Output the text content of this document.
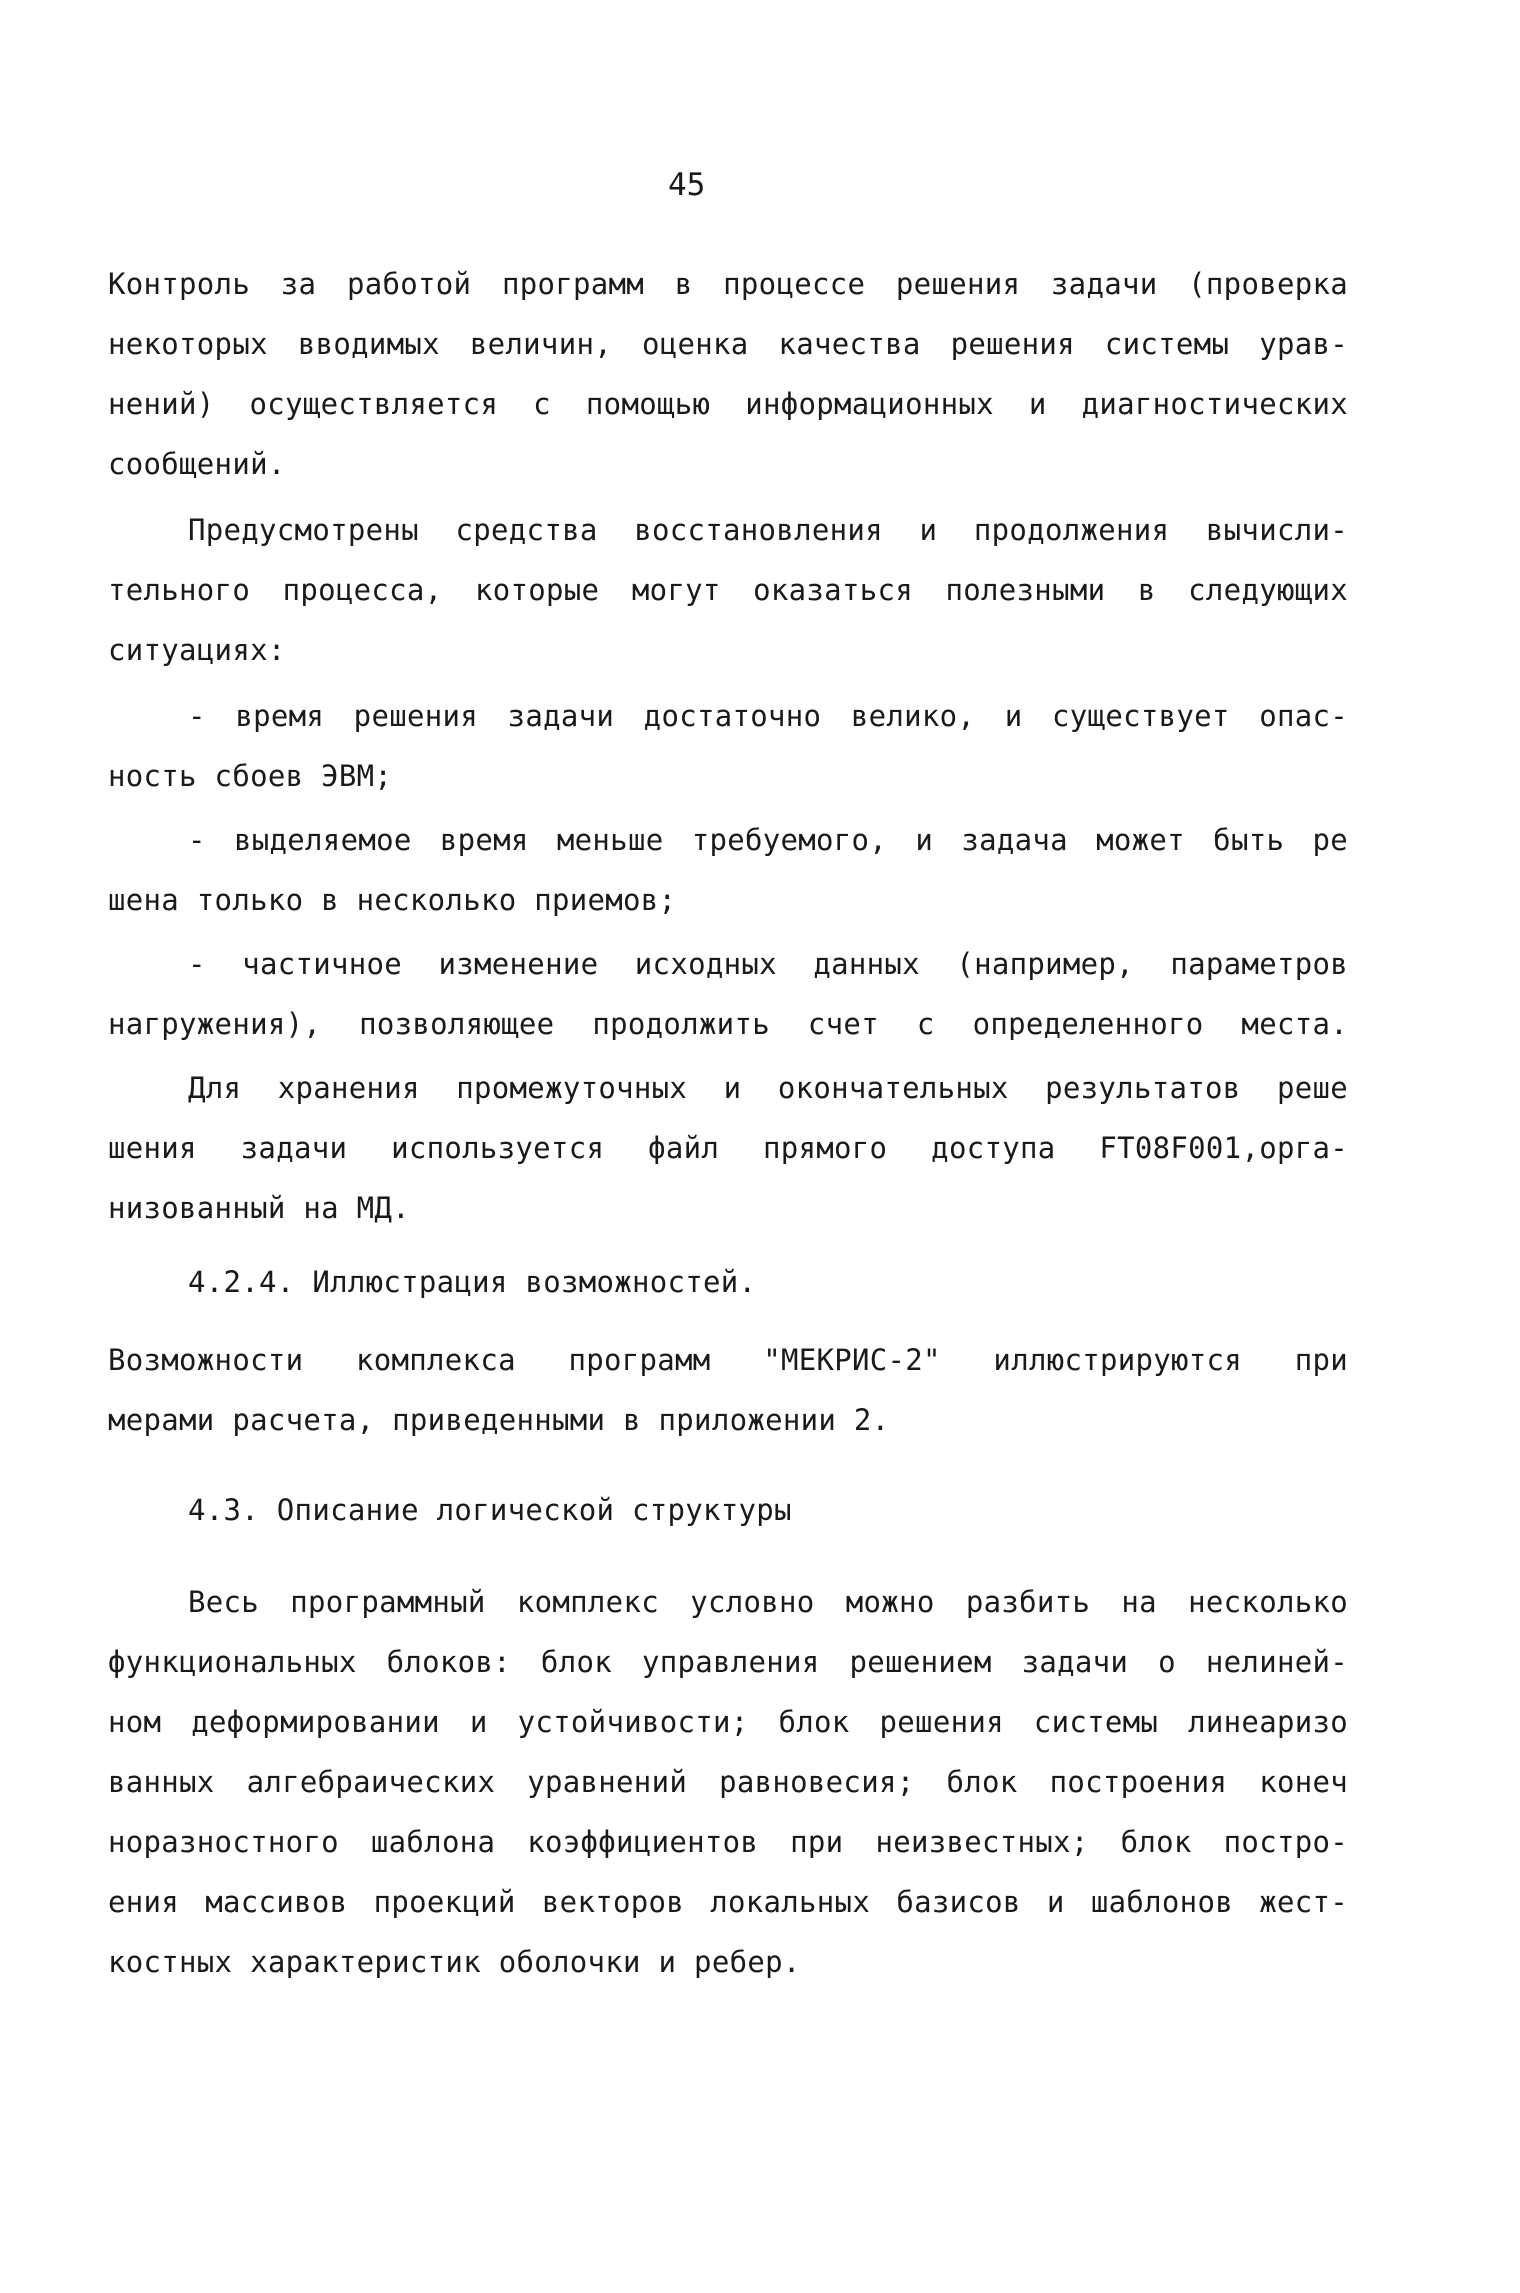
45
Контроль за работой программ в процессе решения задачи (проверка
некоторых вводимых величин, оценка качества решения системы урав-
нений) осуществляется с помощью информационных и диагностических
сообщений.
Предусмотрены средства восстановления и продолжения вычисли-
тельного процесса, которые могут оказаться полезными в следующих
ситуациях:
- время решения задачи достаточно велико, и существует опас-
ность сбоев ЭВМ;
- выделяемое время меньше требуемого, и задача может быть ре
шена только в несколько приемов;
- частичное изменение исходных данных (например, параметров
нагружения), позволяющее продолжить счет с определенного места.
Для хранения промежуточных и окончательных результатов реше
шения задачи используется файл прямого доступа FT08F001,орга-
низованный на МД.
4.2.4. Иллюстрация возможностей.
Возможности комплекса программ "МЕКРИС-2" иллюстрируются при
мерами расчета, приведенными в приложении 2.
4.3. Описание логической структуры
Весь программный комплекс условно можно разбить на несколько
функциональных блоков: блок управления решением задачи о нелиней-
ном деформировании и устойчивости; блок решения системы линеаризо
ванных алгебраических уравнений равновесия; блок построения конеч
норазностного шаблона коэффициентов при неизвестных; блок постро-
ения массивов проекций векторов локальных базисов и шаблонов жест-
костных характеристик оболочки и ребер.
